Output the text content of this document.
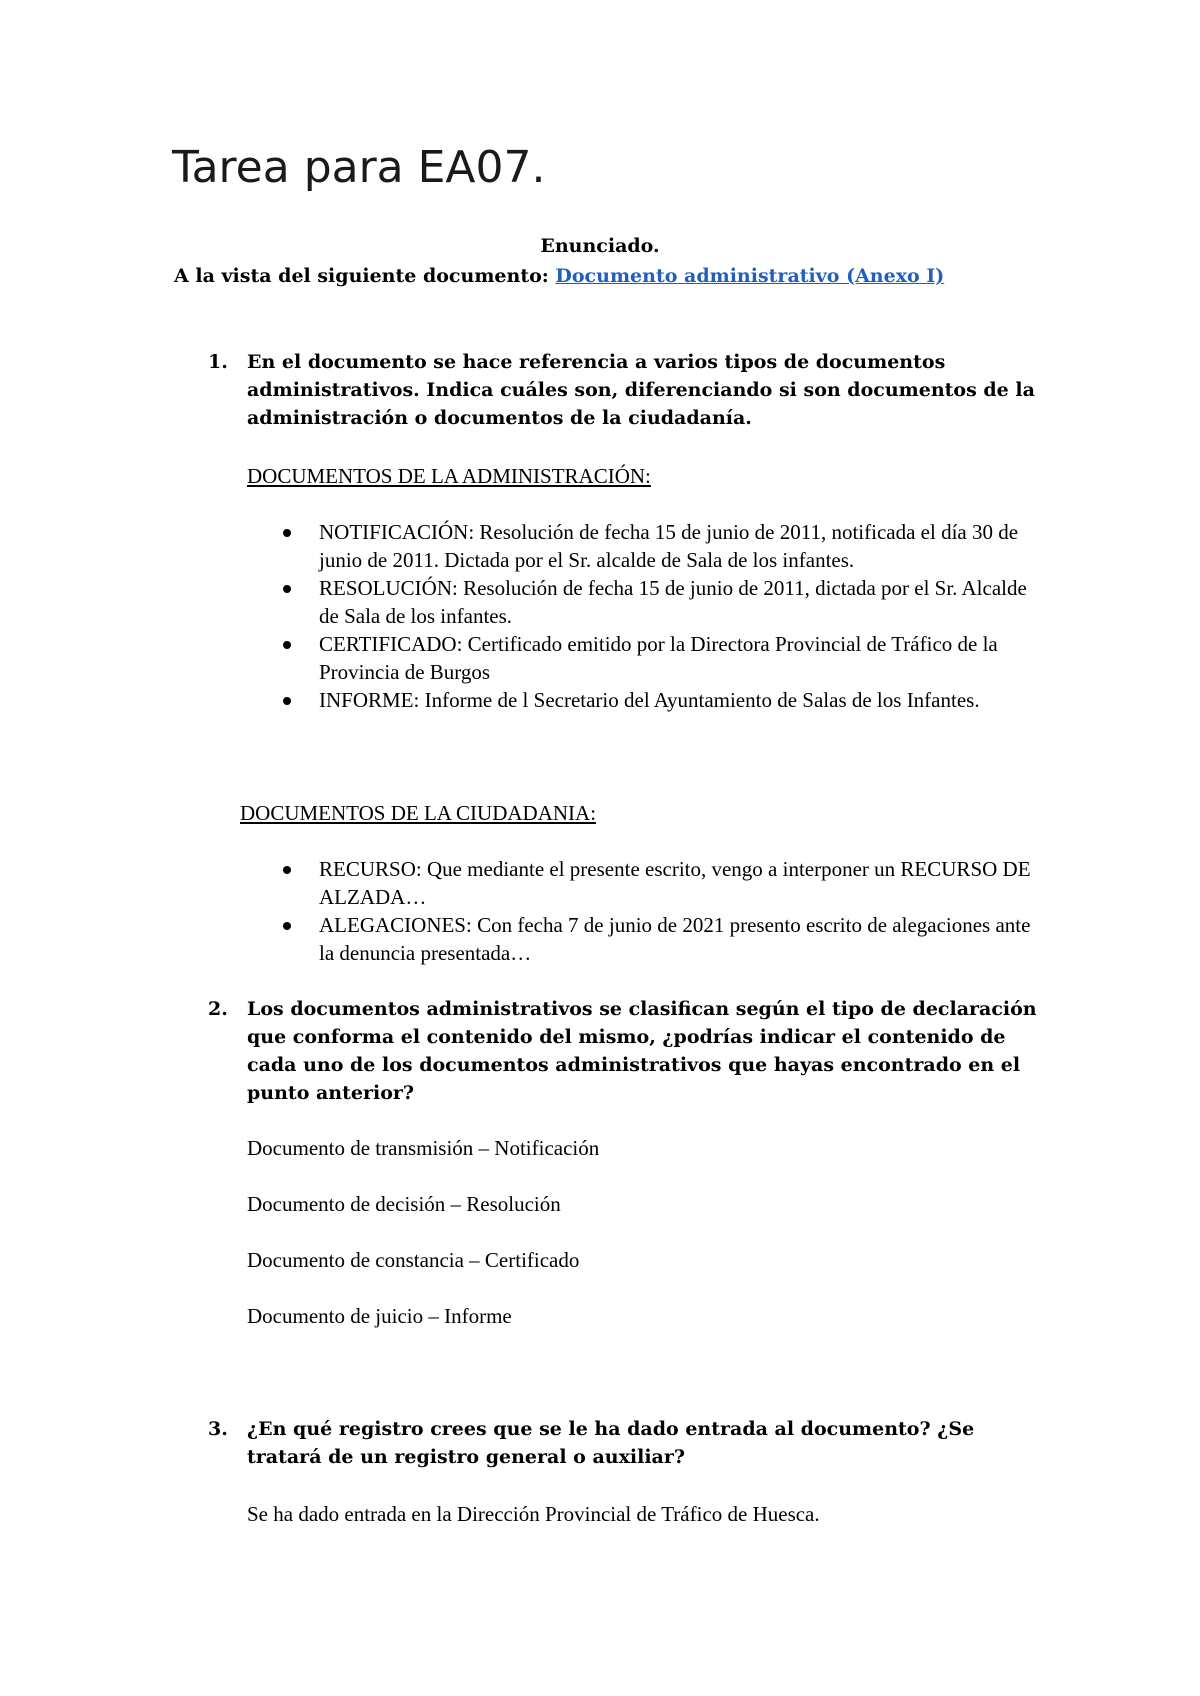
Tarea para EA07.

Enunciado.

A la vista del siguiente documento: Documento administrativo (Anexo I)

1. En el documento se hace referencia a varios tipos de documentos administrativos. Indica cuáles son, diferenciando si son documentos de la administración o documentos de la ciudadanía.

DOCUMENTOS DE LA ADMINISTRACIÓN:
NOTIFICACIÓN: Resolución de fecha 15 de junio de 2011, notificada el día 30 de junio de 2011. Dictada por el Sr. alcalde de Sala de los infantes.
RESOLUCIÓN: Resolución de fecha 15 de junio de 2011, dictada por el Sr. Alcalde de Sala de los infantes.
CERTIFICADO: Certificado emitido por la Directora Provincial de Tráfico de la Provincia de Burgos
INFORME: Informe de l Secretario del Ayuntamiento de Salas de los Infantes.
DOCUMENTOS DE LA CIUDADANIA:
RECURSO: Que mediante el presente escrito, vengo a interponer un RECURSO DE ALZADA…
ALEGACIONES: Con fecha 7 de junio de 2021 presento escrito de alegaciones ante la denuncia presentada…
2. Los documentos administrativos se clasifican según el tipo de declaración que conforma el contenido del mismo, ¿podrías indicar el contenido de cada uno de los documentos administrativos que hayas encontrado en el punto anterior?

Documento de transmisión – Notificación
Documento de decisión – Resolución
Documento de constancia – Certificado
Documento de juicio – Informe
3. ¿En qué registro crees que se le ha dado entrada al documento? ¿Se tratará de un registro general o auxiliar?

Se ha dado entrada en la Dirección Provincial de Tráfico de Huesca.
